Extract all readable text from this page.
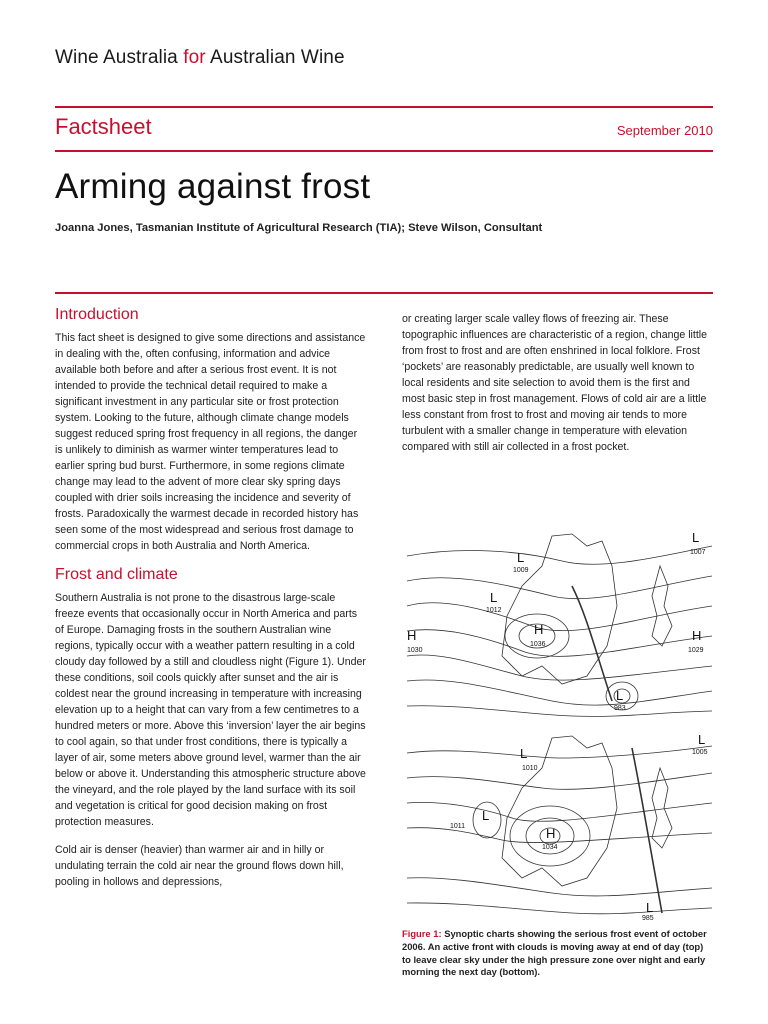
Wine Australia for Australian Wine
Factsheet	September 2010
Arming against frost
Joanna Jones, Tasmanian Institute of Agricultural Research (TIA); Steve Wilson, Consultant
Introduction

This fact sheet is designed to give some directions and assistance in dealing with the, often confusing, information and advice available both before and after a serious frost event. It is not intended to provide the technical detail required to make a significant investment in any particular site or frost protection system. Looking to the future, although climate change models suggest reduced spring frost frequency in all regions, the danger is unlikely to diminish as warmer winter temperatures lead to earlier spring bud burst. Furthermore, in some regions climate change may lead to the advent of more clear sky spring days coupled with drier soils increasing the incidence and severity of frosts. Paradoxically the warmest decade in recorded history has seen some of the most widespread and serious frost damage to commercial crops in both Australia and North America.

Frost and climate

Southern Australia is not prone to the disastrous large-scale freeze events that occasionally occur in North America and parts of Europe. Damaging frosts in the southern Australian wine regions, typically occur with a weather pattern resulting in a cold cloudy day followed by a still and cloudless night (Figure 1). Under these conditions, soil cools quickly after sunset and the air is coldest near the ground increasing in temperature with increasing elevation up to a height that can vary from a few centimetres to a hundred meters or more. Above this ‘inversion’ layer the air begins to cool again, so that under frost conditions, there is typically a layer of air, some meters above ground level, warmer than the air below or above it. Understanding this atmospheric structure above the vineyard, and the role played by the land surface with its soil and vegetation is critical for good decision making on frost protection measures.

Cold air is denser (heavier) than warmer air and in hilly or undulating terrain the cold air near the ground flows down hill, pooling in hollows and depressions,

or creating larger scale valley flows of freezing air. These topographic influences are characteristic of a region, change little from frost to frost and are often enshrined in local folklore. Frost ‘pockets’ are reasonably predictable, are usually well known to local residents and site selection to avoid them is the first and most basic step in frost management. Flows of cold air are a little less constant from frost to frost and moving air tends to more turbulent with a smaller change in temperature with elevation compared with still air collected in a frost pocket.

H
1030
H
1036
L
1012
L
1009
L
983
L
1007
H
1029
H
1034
L
1011
L
1010
L
1005
L
985
Figure 1: Synoptic charts showing the serious frost event of october 2006. An active front with clouds is moving away at end of day (top) to leave clear sky under the high pressure zone over night and early morning the next day (bottom).
